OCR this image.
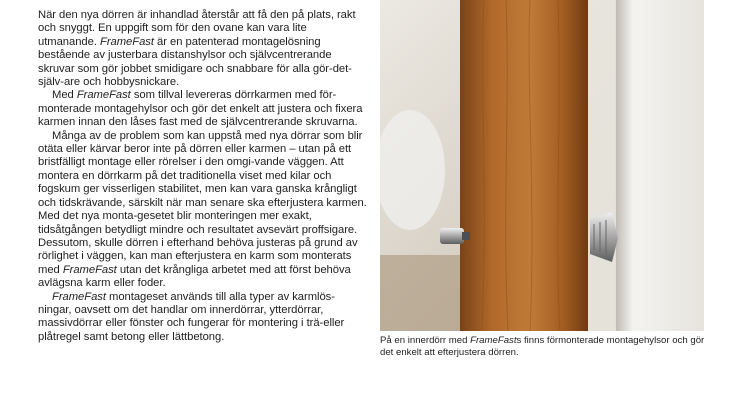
När den nya dörren är inhandlad återstår att få den på plats, rakt och snyggt. En uppgift som för den ovane kan vara lite utmanande. FrameFast är en patenterad montagelösning bestående av justerbara distanshylsor och självcentrerande skruvar som gör jobbet smidigare och snabbare för alla gör-det-själv-are och hobbysnickare.

Med FrameFast som tillval levereras dörrkarmen med för-monterade montagehylsor och gör det enkelt att justera och fixera karmen innan den låses fast med de självcentrerande skruvarna.

Många av de problem som kan uppstå med nya dörrar som blir otäta eller kärvar beror inte på dörren eller karmen – utan på ett bristfälligt montage eller rörelser i den omgi-vande väggen. Att montera en dörrkarm på det traditionella viset med kilar och fogskum ger visserligen stabilitet, men kan vara ganska krångligt och tidskrävande, särskilt när man senare ska efterjustera karmen. Med det nya monta-gesetet blir monteringen mer exakt, tidsåtgången betydligt mindre och resultatet avsevärt proffsigare. Dessutom, skulle dörren i efterhand behöva justeras på grund av rörlighet i väggen, kan man efterjustera en karm som monterats med FrameFast utan det krångliga arbetet med att först behöva avlägsna karm eller foder.

FrameFast montageset används till alla typer av karmlös-ningar, oavsett om det handlar om innerdörrar, ytterdörrar, massivdörrar eller fönster och fungerar för montering i trä-eller plåtregel samt betong eller lättbetong.	På en innerdörr med FrameFasts finns förmonterade montagehylsor och gör det enkelt att efterjustera dörren.
